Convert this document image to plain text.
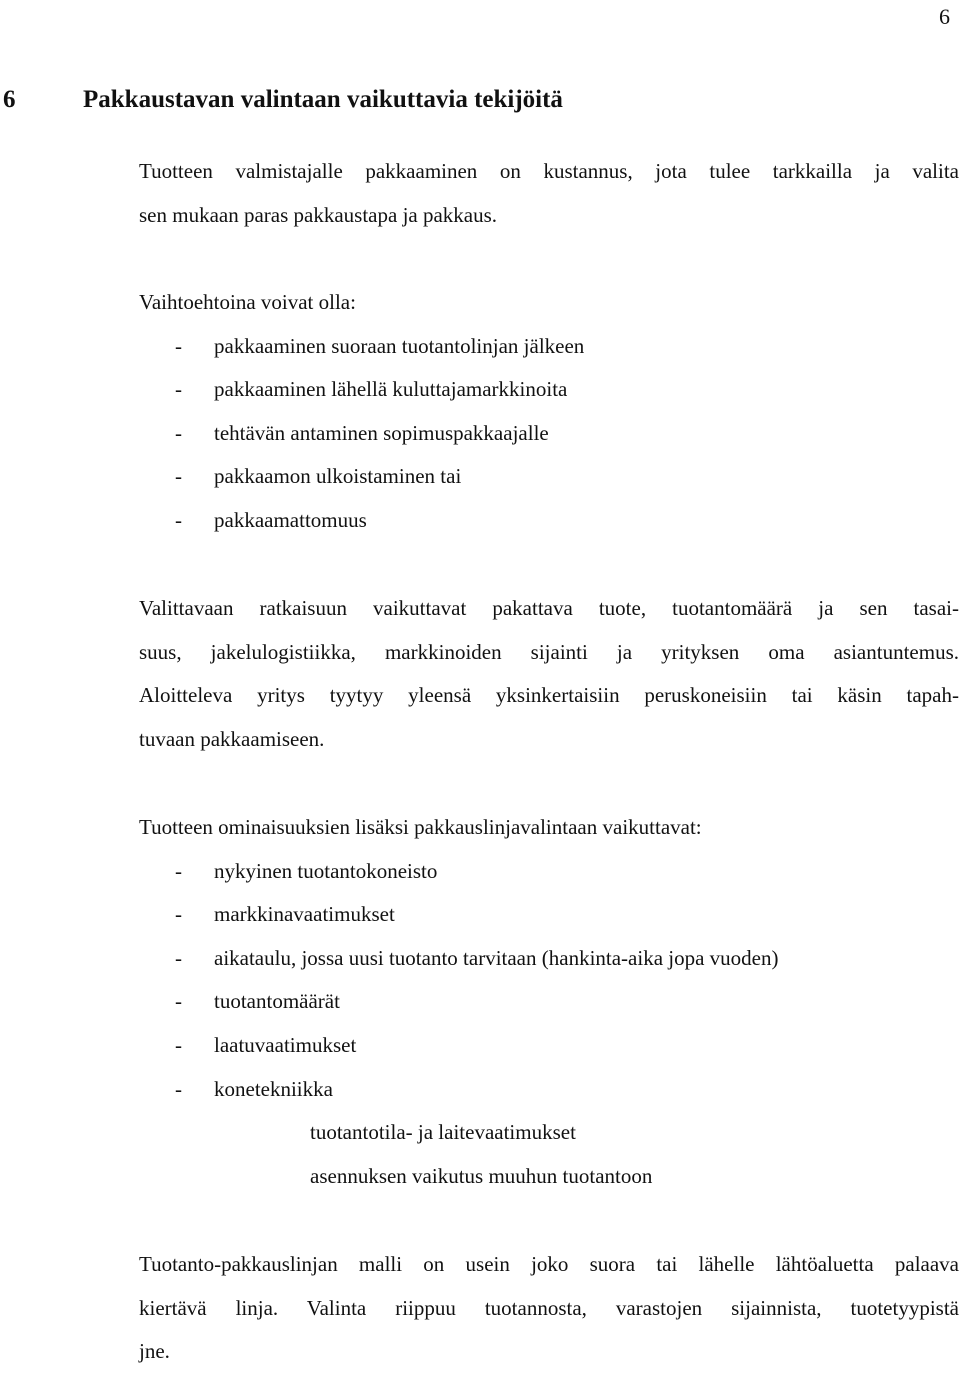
6
6	Pakkaustavan valintaan vaikuttavia tekijöitä
Tuotteen valmistajalle pakkaaminen on kustannus, jota tulee tarkkailla ja valita
sen mukaan paras pakkaustapa ja pakkaus.

Vaihtoehtoina voivat olla:

- pakkaaminen suoraan tuotantolinjan jälkeen
- pakkaaminen lähellä kuluttajamarkkinoita
- tehtävän antaminen sopimuspakkaajalle
- pakkaamon ulkoistaminen tai
- pakkaamattomuus
Valittavaan ratkaisuun vaikuttavat pakattava tuote, tuotantomäärä ja sen tasai-
suus, jakelulogistiikka, markkinoiden sijainti ja yrityksen oma asiantuntemus.
Aloitteleva yritys tyytyy yleensä yksinkertaisiin peruskoneisiin tai käsin tapah-
tuvaan pakkaamiseen.

Tuotteen ominaisuuksien lisäksi pakkauslinjavalintaan vaikuttavat:

- nykyinen tuotantokoneisto
- markkinavaatimukset
- aikataulu, jossa uusi tuotanto tarvitaan (hankinta-aika jopa vuoden)
- tuotantomäärät
- laatuvaatimukset
- konetekniikka
tuotantotila- ja laitevaatimukset
asennuksen vaikutus muuhun tuotantoon
Tuotanto-pakkauslinjan malli on usein joko suora tai lähelle lähtöaluetta palaava
kiertävä linja. Valinta riippuu tuotannosta, varastojen sijainnista, tuotetyypistä
jne.
